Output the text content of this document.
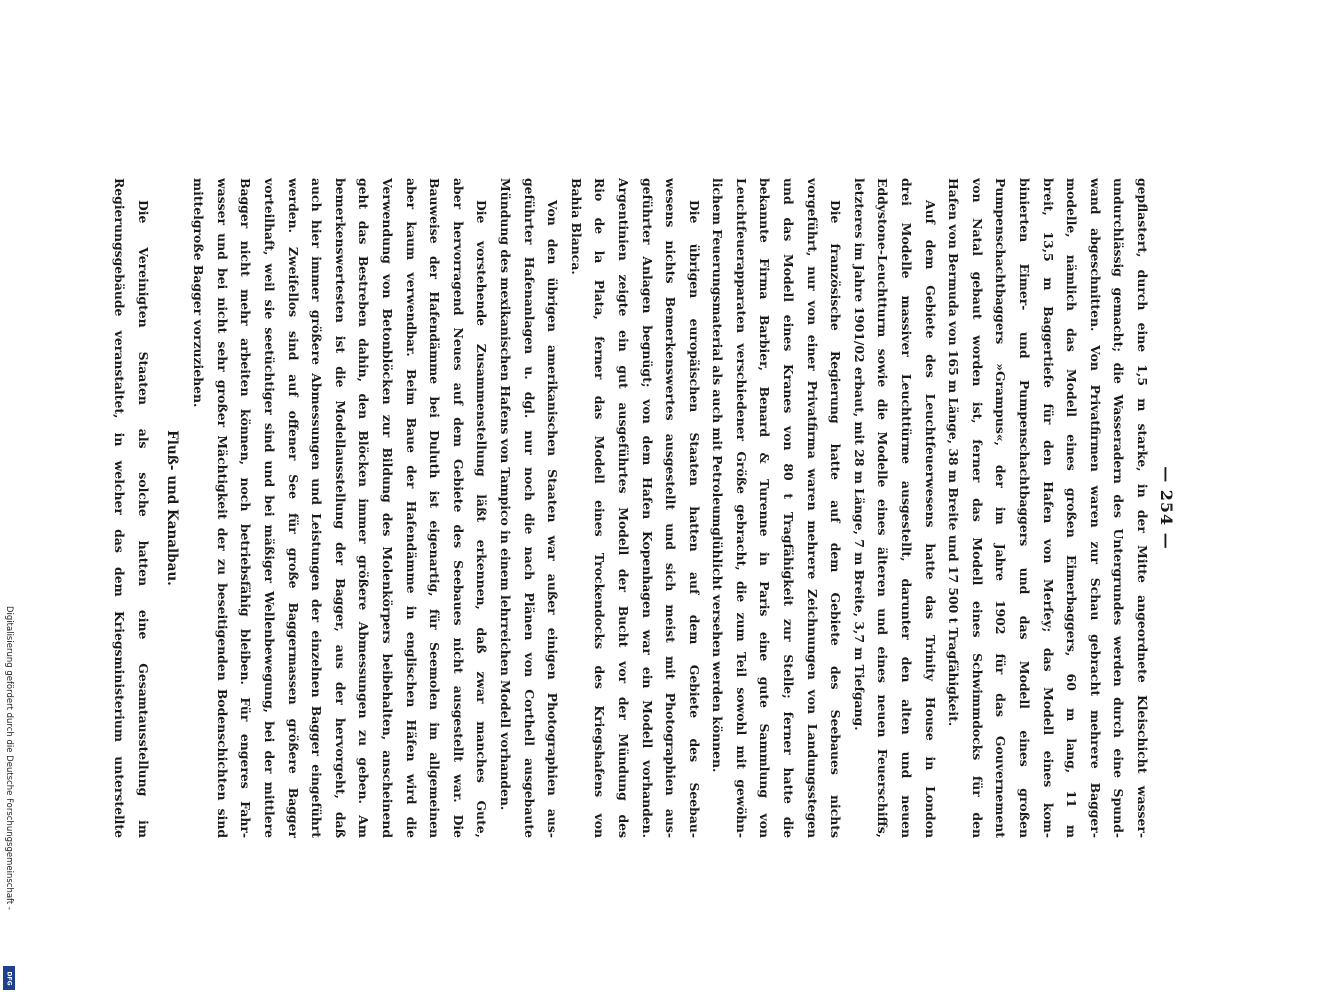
— 254 —
gepflastert, durch eine 1,5 m starke, in der Mitte angeordnete Kleischicht wasser-
undurchlässig gemacht; die Wasseradern des Untergrundes werden durch eine Spund-
wand abgeschnitten. Von Privatfirmen waren zur Schau gebracht mehrere Bagger-
modelle, nämlich das Modell eines großen Eimerbaggers, 60 m lang, 11 m
breit, 13,5 m Baggertiefe für den Hafen von Merſey; das Modell eines kom-
binierten Eimer- und Pumpenschachtbaggers und das Modell eines großen
Pumpenschachtbaggers »Grampus«, der im Jahre 1902 für das Gouvernement
von Natal gebaut worden ist, ferner das Modell eines Schwimmdocks für den
Hafen von Bermuda von 165 m Länge, 38 m Breite und 17 500 t Tragfähigkeit.
Auf dem Gebiete des Leuchtfeuerwesens hatte das Trinity House in London
drei Modelle massiver Leuchttürme ausgestellt, darunter den alten und neuen
Eddystone-Leuchtturm sowie die Modelle eines älteren und eines neuen Feuerschiffs,
letzteres im Jahre 1901/02 erbaut, mit 28 m Länge, 7 m Breite, 3,7 m Tiefgang.
Die französische Regierung hatte auf dem Gebiete des Seebaues nichts
vorgeführt, nur von einer Privatfirma waren mehrere Zeichnungen von Landungsstegen
und das Modell eines Kranes von 80 t Tragfähigkeit zur Stelle; ferner hatte die
bekannte Firma Barbier, Benard & Turenne in Paris eine gute Sammlung von
Leuchtfeuerapparaten verschiedener Größe gebracht, die zum Teil sowohl mit gewöhn-
lichem Feuerungsmaterial als auch mit Petroleumglühlicht versehen werden können.
Die übrigen europäischen Staaten hatten auf dem Gebiete des Seebau-
wesens nichts Bemerkenswertes ausgestellt und sich meist mit Photographien aus-
geführter Anlagen begnügt; von dem Hafen Kopenhagen war ein Modell vorhanden.
Argentinien zeigte ein gut ausgeführtes Modell der Bucht vor der Mündung des
Rio de la Plata, ferner das Modell eines Trockendocks des Kriegshafens von
Bahia Blanca.
Von den übrigen amerikanischen Staaten war außer einigen Photographien aus-
geführter Hafenanlagen u. dgl. nur noch die nach Plänen von Corthell ausgebaute
Mündung des mexikanischen Hafens von Tampico in einem lehrreichen Modell vorhanden.
Die vorstehende Zusammenstellung läßt erkennen, daß zwar manches Gute,
aber hervorragend Neues auf dem Gebiete des Seebaues nicht ausgestellt war. Die
Bauweise der Hafendämme bei Duluth ist eigenartig, für Seemolen im allgemeinen
aber kaum verwendbar. Beim Baue der Hafendämme in englischen Häfen wird die
Verwendung von Betonblöcken zur Bildung des Molenkörpers beibehalten, anscheinend
geht das Bestreben dahin, den Blöcken immer größere Abmessungen zu geben. Am
bemerkenswertesten ist die Modellausstellung der Bagger, aus der hervorgeht, daß
auch hier immer größere Abmessungen und Leistungen der einzelnen Bagger eingeführt
werden. Zweifellos sind auf offener See für große Baggermassen größere Bagger
vorteilhaft, weil sie seetüchtiger sind und bei mäßiger Wellenbewegung, bei der mittlere
Bagger nicht mehr arbeiten können, noch betriebsfähig bleiben. Für engeres Fahr-
wasser und bei nicht sehr großer Mächtigkeit der zu beseitigenden Bodenschichten sind
mittelgroße Bagger vorzuziehen.
Fluß- und Kanalbau.
Die Vereinigten Staaten als solche hatten eine Gesamtausstellung im
Regierungsgebäude veranstaltet, in welcher das dem Kriegsministerium unterstellte
Digitalisierung gefördert durch die Deutsche Forschungsgemeinschaft -
DFG
